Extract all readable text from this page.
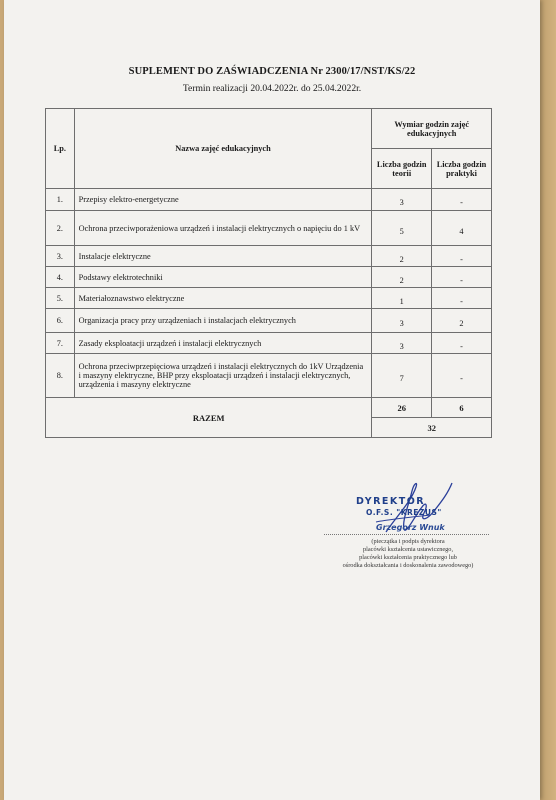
SUPLEMENT DO ZAŚWIADCZENIA Nr 2300/17/NST/KS/22
Termin realizacji 20.04.2022r. do 25.04.2022r.
Lp.	Nazwa zajęć edukacyjnych	Wymiar godzin zajęć edukacyjnych	
		Liczba godzin teorii	Liczba godzin praktyki
1.	Przepisy elektro-energetyczne	3	-
2.	Ochrona przeciwporażeniowa urządzeń i instalacji elektrycznych o napięciu do 1 kV	5	4
3.	Instalacje elektryczne	2	-
4.	Podstawy elektrotechniki	2	-
5.	Materiałoznawstwo elektryczne	1	-
6.	Organizacja pracy przy urządzeniach i instalacjach elektrycznych	3	2
7.	Zasady eksploatacji urządzeń i instalacji elektrycznych	3	-
8.	Ochrona przeciwprzepięciowa urządzeń i instalacji elektrycznych do 1kV Urządzenia i maszyny elektryczne, BHP przy eksploatacji urządzeń i instalacji elektrycznych, urządzenia i maszyny elektryczne	7	-
RAZEM		26	6
		32	
DYREKTOR
O.F.S. "KREZUS"
Grzegorz Wnuk
(pieczątka i podpis dyrektora
placówki kształcenia ustawicznego,
placówki kształcenia praktycznego lub
ośrodka dokształcania i doskonalenia zawodowego)
